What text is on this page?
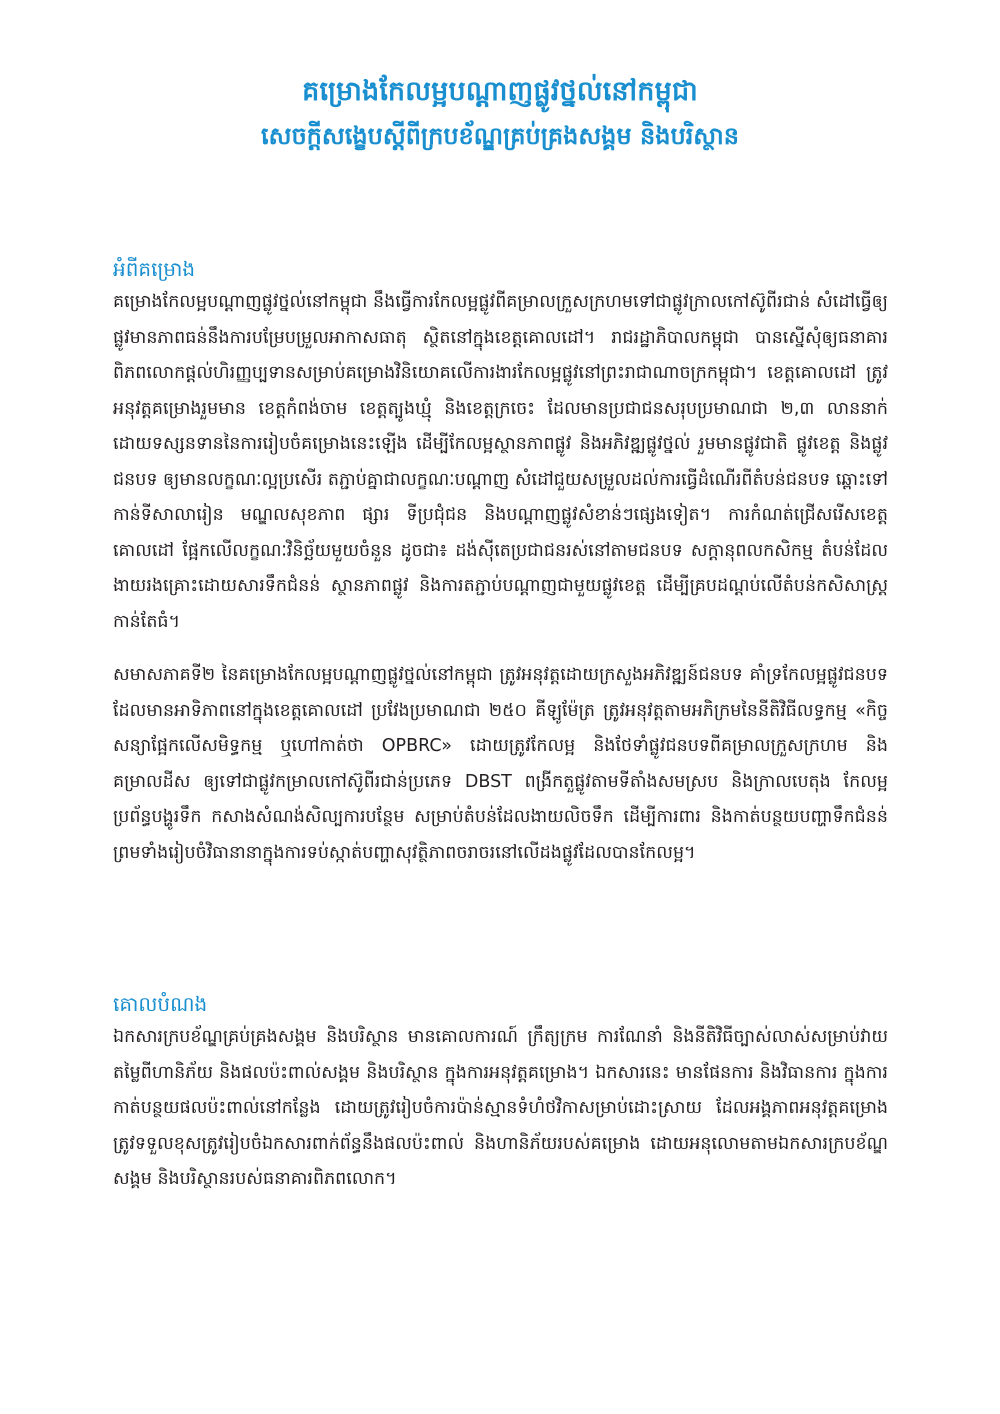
គម្រោងកែលម្អបណ្តាញផ្លូវថ្នល់នៅកម្ពុជា
សេចក្តីសង្ខេបស្តីពីក្របខ័ណ្ឌគ្រប់គ្រងសង្គម និងបរិស្ថាន
អំពីគម្រោង

គម្រោងកែលម្អបណ្តាញផ្លូវថ្នល់នៅកម្ពុជា នឹងធ្វើការកែលម្អផ្លូវពីគម្រាលក្រួសក្រហមទៅជាផ្លូវក្រាលកៅស៊ូពីរជាន់ សំដៅធ្វើឲ្យផ្លូវមានភាពធន់នឹងការបម្រែបម្រួលអាកាសធាតុ ស្ថិតនៅក្នុងខេត្តគោលដៅ។ រាជរដ្ឋាភិបាលកម្ពុជា បានស្នើសុំឲ្យធនាគារពិភពលោកផ្តល់ហិរញ្ញប្បទានសម្រាប់គម្រោងវិនិយោគលើការងារកែលម្អផ្លូវនៅព្រះរាជាណាចក្រកម្ពុជា។ ខេត្តគោលដៅ ត្រូវអនុវត្តគម្រោងរួមមាន ខេត្តកំពង់ចាម ខេត្តត្បូងឃ្មុំ និងខេត្តក្រចេះ ដែលមានប្រជាជនសរុបប្រមាណជា ២,៣ លាននាក់ ដោយទស្សនទាននៃការរៀបចំគម្រោងនេះឡើង ដើម្បីកែលម្អស្ថានភាពផ្លូវ និងអភិវឌ្ឍផ្លូវថ្នល់ រួមមានផ្លូវជាតិ ផ្លូវខេត្ត និងផ្លូវជនបទ ឲ្យមានលក្ខណៈល្អប្រសើរ តភ្ជាប់គ្នាជាលក្ខណៈបណ្តាញ សំដៅជួយសម្រួលដល់ការធ្វើដំណើរពីតំបន់ជនបទ ឆ្ពោះទៅកាន់ទីសាលារៀន មណ្ឌលសុខភាព ផ្សារ ទីប្រជុំជន និងបណ្តាញផ្លូវសំខាន់ៗផ្សេងទៀត។ ការកំណត់ជ្រើសរើសខេត្តគោលដៅ ផ្អែកលើលក្ខណៈវិនិច្ឆ័យមួយចំនួន ដូចជា៖ ដង់ស៊ីតេប្រជាជនរស់នៅតាមជនបទ សក្តានុពលកសិកម្ម តំបន់ដែលងាយរងគ្រោះដោយសារទឹកជំនន់ ស្ថានភាពផ្លូវ និងការតភ្ជាប់បណ្តាញជាមួយផ្លូវខេត្ត ដើម្បីគ្របដណ្តប់លើតំបន់កសិសាស្ត្រកាន់តែធំ។

សមាសភាគទី២ នៃគម្រោងកែលម្អបណ្តាញផ្លូវថ្នល់នៅកម្ពុជា ត្រូវអនុវត្តដោយក្រសួងអភិវឌ្ឍន៍ជនបទ គាំទ្រកែលម្អផ្លូវជនបទ ដែលមានអាទិភាពនៅក្នុងខេត្តគោលដៅ ប្រវែងប្រមាណជា ២៥០ គីឡូម៉ែត្រ ត្រូវអនុវត្តតាមអភិក្រមនៃនីតិវិធីលទ្ធកម្ម «កិច្ចសន្យាផ្អែកលើសមិទ្ធកម្ម ឬហៅកាត់ថា OPBRC» ដោយត្រូវកែលម្អ និងថែទាំផ្លូវជនបទពីគម្រាលក្រួសក្រហម និងគម្រាលដីស ឲ្យទៅជាផ្លូវកម្រាលកៅស៊ូពីរជាន់ប្រភេទ DBST ពង្រីកតួផ្លូវតាមទីតាំងសមស្រប និងក្រាលបេតុង កែលម្អប្រព័ន្ធបង្ហូរទឹក កសាងសំណង់សិល្បការបន្ថែម សម្រាប់តំបន់ដែលងាយលិចទឹក ដើម្បីការពារ និងកាត់បន្ថយបញ្ហាទឹកជំនន់ ព្រមទាំងរៀបចំវិធានានាក្នុងការទប់ស្កាត់បញ្ហាសុវត្ថិភាពចរាចរនៅលើដងផ្លូវដែលបានកែលម្អ។

គោលបំណង

ឯកសារក្របខ័ណ្ឌគ្រប់គ្រងសង្គម និងបរិស្ថាន មានគោលការណ៍ ក្រឹត្យក្រម ការណែនាំ និងនីតិវិធីច្បាស់លាស់សម្រាប់វាយតម្លៃពីហានិភ័យ និងផលប៉ះពាល់សង្គម និងបរិស្ថាន ក្នុងការអនុវត្តគម្រោង។ ឯកសារនេះ មានផែនការ និងវិធានការ ក្នុងការកាត់បន្ថយផលប៉ះពាល់នៅកន្លែង ដោយត្រូវរៀបចំការប៉ាន់ស្មានទំហំថវិកាសម្រាប់ដោះស្រាយ ដែលអង្គភាពអនុវត្តគម្រោងត្រូវទទួលខុសត្រូវរៀបចំឯកសារពាក់ព័ន្ធនឹងផលប៉ះពាល់ និងហានិភ័យរបស់គម្រោង ដោយអនុលោមតាមឯកសារក្របខ័ណ្ឌសង្គម និងបរិស្ថានរបស់ធនាគារពិភពលោក។
